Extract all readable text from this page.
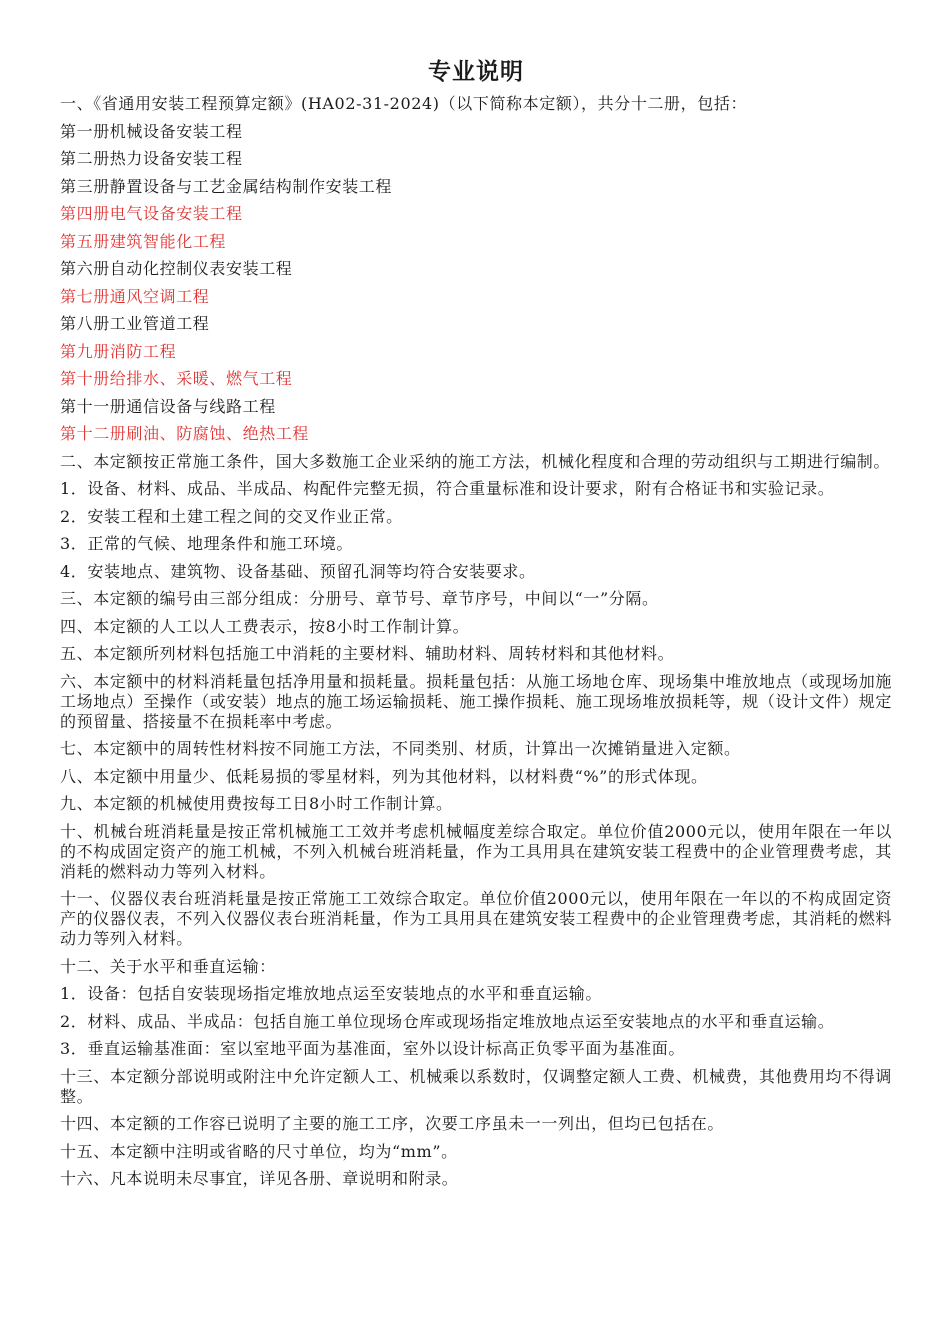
专业说明

一、《省通用安装工程预算定额》(HA02-31-2024)（以下简称本定额），共分十二册，包括：

第一册机械设备安装工程

第二册热力设备安装工程

第三册静置设备与工艺金属结构制作安装工程

第四册电气设备安装工程

第五册建筑智能化工程

第六册自动化控制仪表安装工程

第七册通风空调工程

第八册工业管道工程

第九册消防工程

第十册给排水、采暖、燃气工程

第十一册通信设备与线路工程

第十二册刷油、防腐蚀、绝热工程

二、本定额按正常施工条件，国大多数施工企业采纳的施工方法，机械化程度和合理的劳动组织与工期进行编制。

1．设备、材料、成品、半成品、构配件完整无损，符合重量标准和设计要求，附有合格证书和实验记录。

2．安装工程和土建工程之间的交叉作业正常。

3．正常的气候、地理条件和施工环境。

4．安装地点、建筑物、设备基础、预留孔洞等均符合安装要求。

三、本定额的编号由三部分组成：分册号、章节号、章节序号，中间以“一”分隔。

四、本定额的人工以人工费表示，按8小时工作制计算。

五、本定额所列材料包括施工中消耗的主要材料、辅助材料、周转材料和其他材料。

六、本定额中的材料消耗量包括净用量和损耗量。损耗量包括：从施工场地仓库、现场集中堆放地点（或现场加施工场地点）至操作（或安装）地点的施工场运输损耗、施工操作损耗、施工现场堆放损耗等，规（设计文件）规定的预留量、搭接量不在损耗率中考虑。

七、本定额中的周转性材料按不同施工方法，不同类别、材质，计算出一次摊销量进入定额。

八、本定额中用量少、低耗易损的零星材料，列为其他材料，以材料费“%”的形式体现。

九、本定额的机械使用费按每工日8小时工作制计算。

十、机械台班消耗量是按正常机械施工工效并考虑机械幅度差综合取定。单位价值2000元以，使用年限在一年以的不构成固定资产的施工机械，不列入机械台班消耗量，作为工具用具在建筑安装工程费中的企业管理费考虑，其消耗的燃料动力等列入材料。

十一、仪器仪表台班消耗量是按正常施工工效综合取定。单位价值2000元以，使用年限在一年以的不构成固定资产的仪器仪表，不列入仪器仪表台班消耗量，作为工具用具在建筑安装工程费中的企业管理费考虑，其消耗的燃料动力等列入材料。

十二、关于水平和垂直运输：

1．设备：包括自安装现场指定堆放地点运至安装地点的水平和垂直运输。

2．材料、成品、半成品：包括自施工单位现场仓库或现场指定堆放地点运至安装地点的水平和垂直运输。

3．垂直运输基准面：室以室地平面为基准面，室外以设计标高正负零平面为基准面。

十三、本定额分部说明或附注中允许定额人工、机械乘以系数时，仅调整定额人工费、机械费，其他费用均不得调整。

十四、本定额的工作容已说明了主要的施工工序，次要工序虽未一一列出，但均已包括在。

十五、本定额中注明或省略的尺寸单位，均为“mm”。

十六、凡本说明未尽事宜，详见各册、章说明和附录。
